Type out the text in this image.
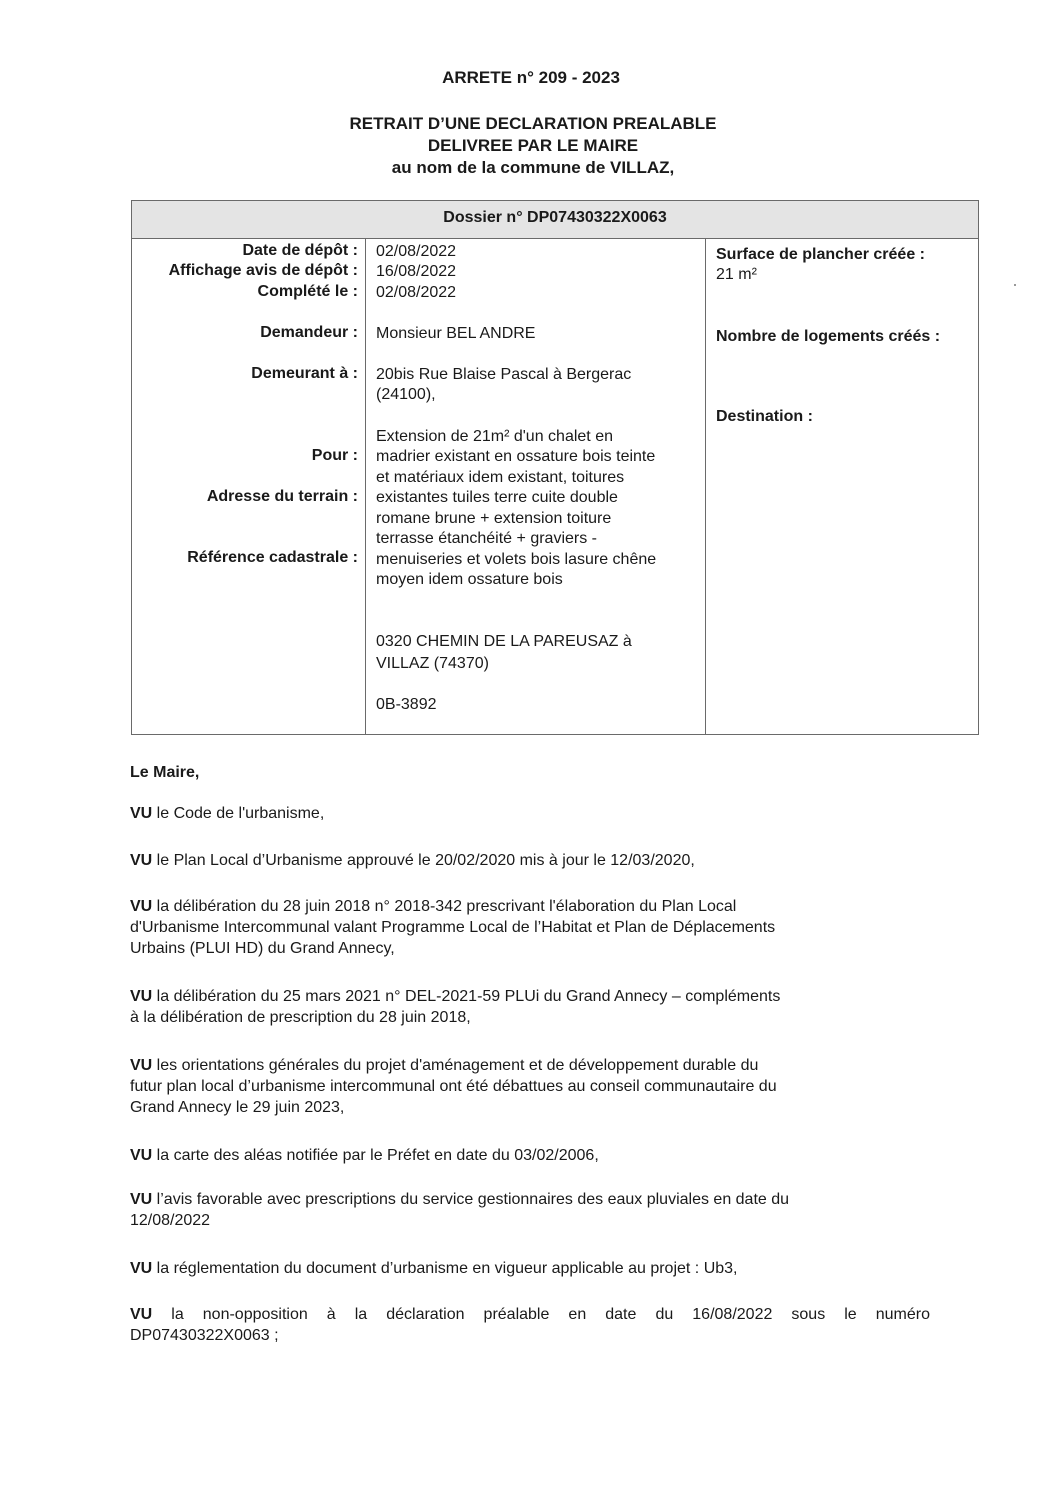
ARRETE n° 209 - 2023
RETRAIT D’UNE DECLARATION PREALABLE
DELIVREE PAR LE MAIRE
au nom de la commune de VILLAZ,
Dossier n° DP07430322X0063
Date de dépôt :
Affichage avis de dépôt :
Complété le :
Demandeur :
Demeurant à :
Pour :
Adresse du terrain :
Référence cadastrale :
02/08/2022
16/08/2022
02/08/2022
Monsieur BEL ANDRE
20bis Rue Blaise Pascal à Bergerac
(24100),
Extension de 21m² d'un chalet en
madrier existant en ossature bois teinte
et matériaux idem existant, toitures
existantes tuiles terre cuite double
romane brune + extension toiture
terrasse étanchéité + graviers -
menuiseries et volets bois lasure chêne
moyen idem ossature bois
0320 CHEMIN DE LA PAREUSAZ à
VILLAZ (74370)
0B-3892
Surface de plancher créée :
21 m²
Nombre de logements créés :
Destination :
Le Maire,
VU le Code de l'urbanisme,
VU le Plan Local d’Urbanisme approuvé le 20/02/2020 mis à jour le 12/03/2020,
VU la délibération du 28 juin 2018 n° 2018-342 prescrivant l'élaboration du Plan Local
d'Urbanisme Intercommunal valant Programme Local de l’Habitat et Plan de Déplacements
Urbains (PLUI HD) du Grand Annecy,
VU la délibération du 25 mars 2021 n° DEL-2021-59 PLUi du Grand Annecy – compléments
à la délibération de prescription du 28 juin 2018,
VU les orientations générales du projet d'aménagement et de développement durable du
futur plan local d’urbanisme intercommunal ont été débattues au conseil communautaire du
Grand Annecy le 29 juin 2023,
VU la carte des aléas notifiée par le Préfet en date du 03/02/2006,
VU l’avis favorable avec prescriptions du service gestionnaires des eaux pluviales en date du
12/08/2022
VU la réglementation du document d’urbanisme en vigueur applicable au projet : Ub3,
VU la non-opposition à la déclaration préalable en date du 16/08/2022 sous le numéro
DP07430322X0063 ;
